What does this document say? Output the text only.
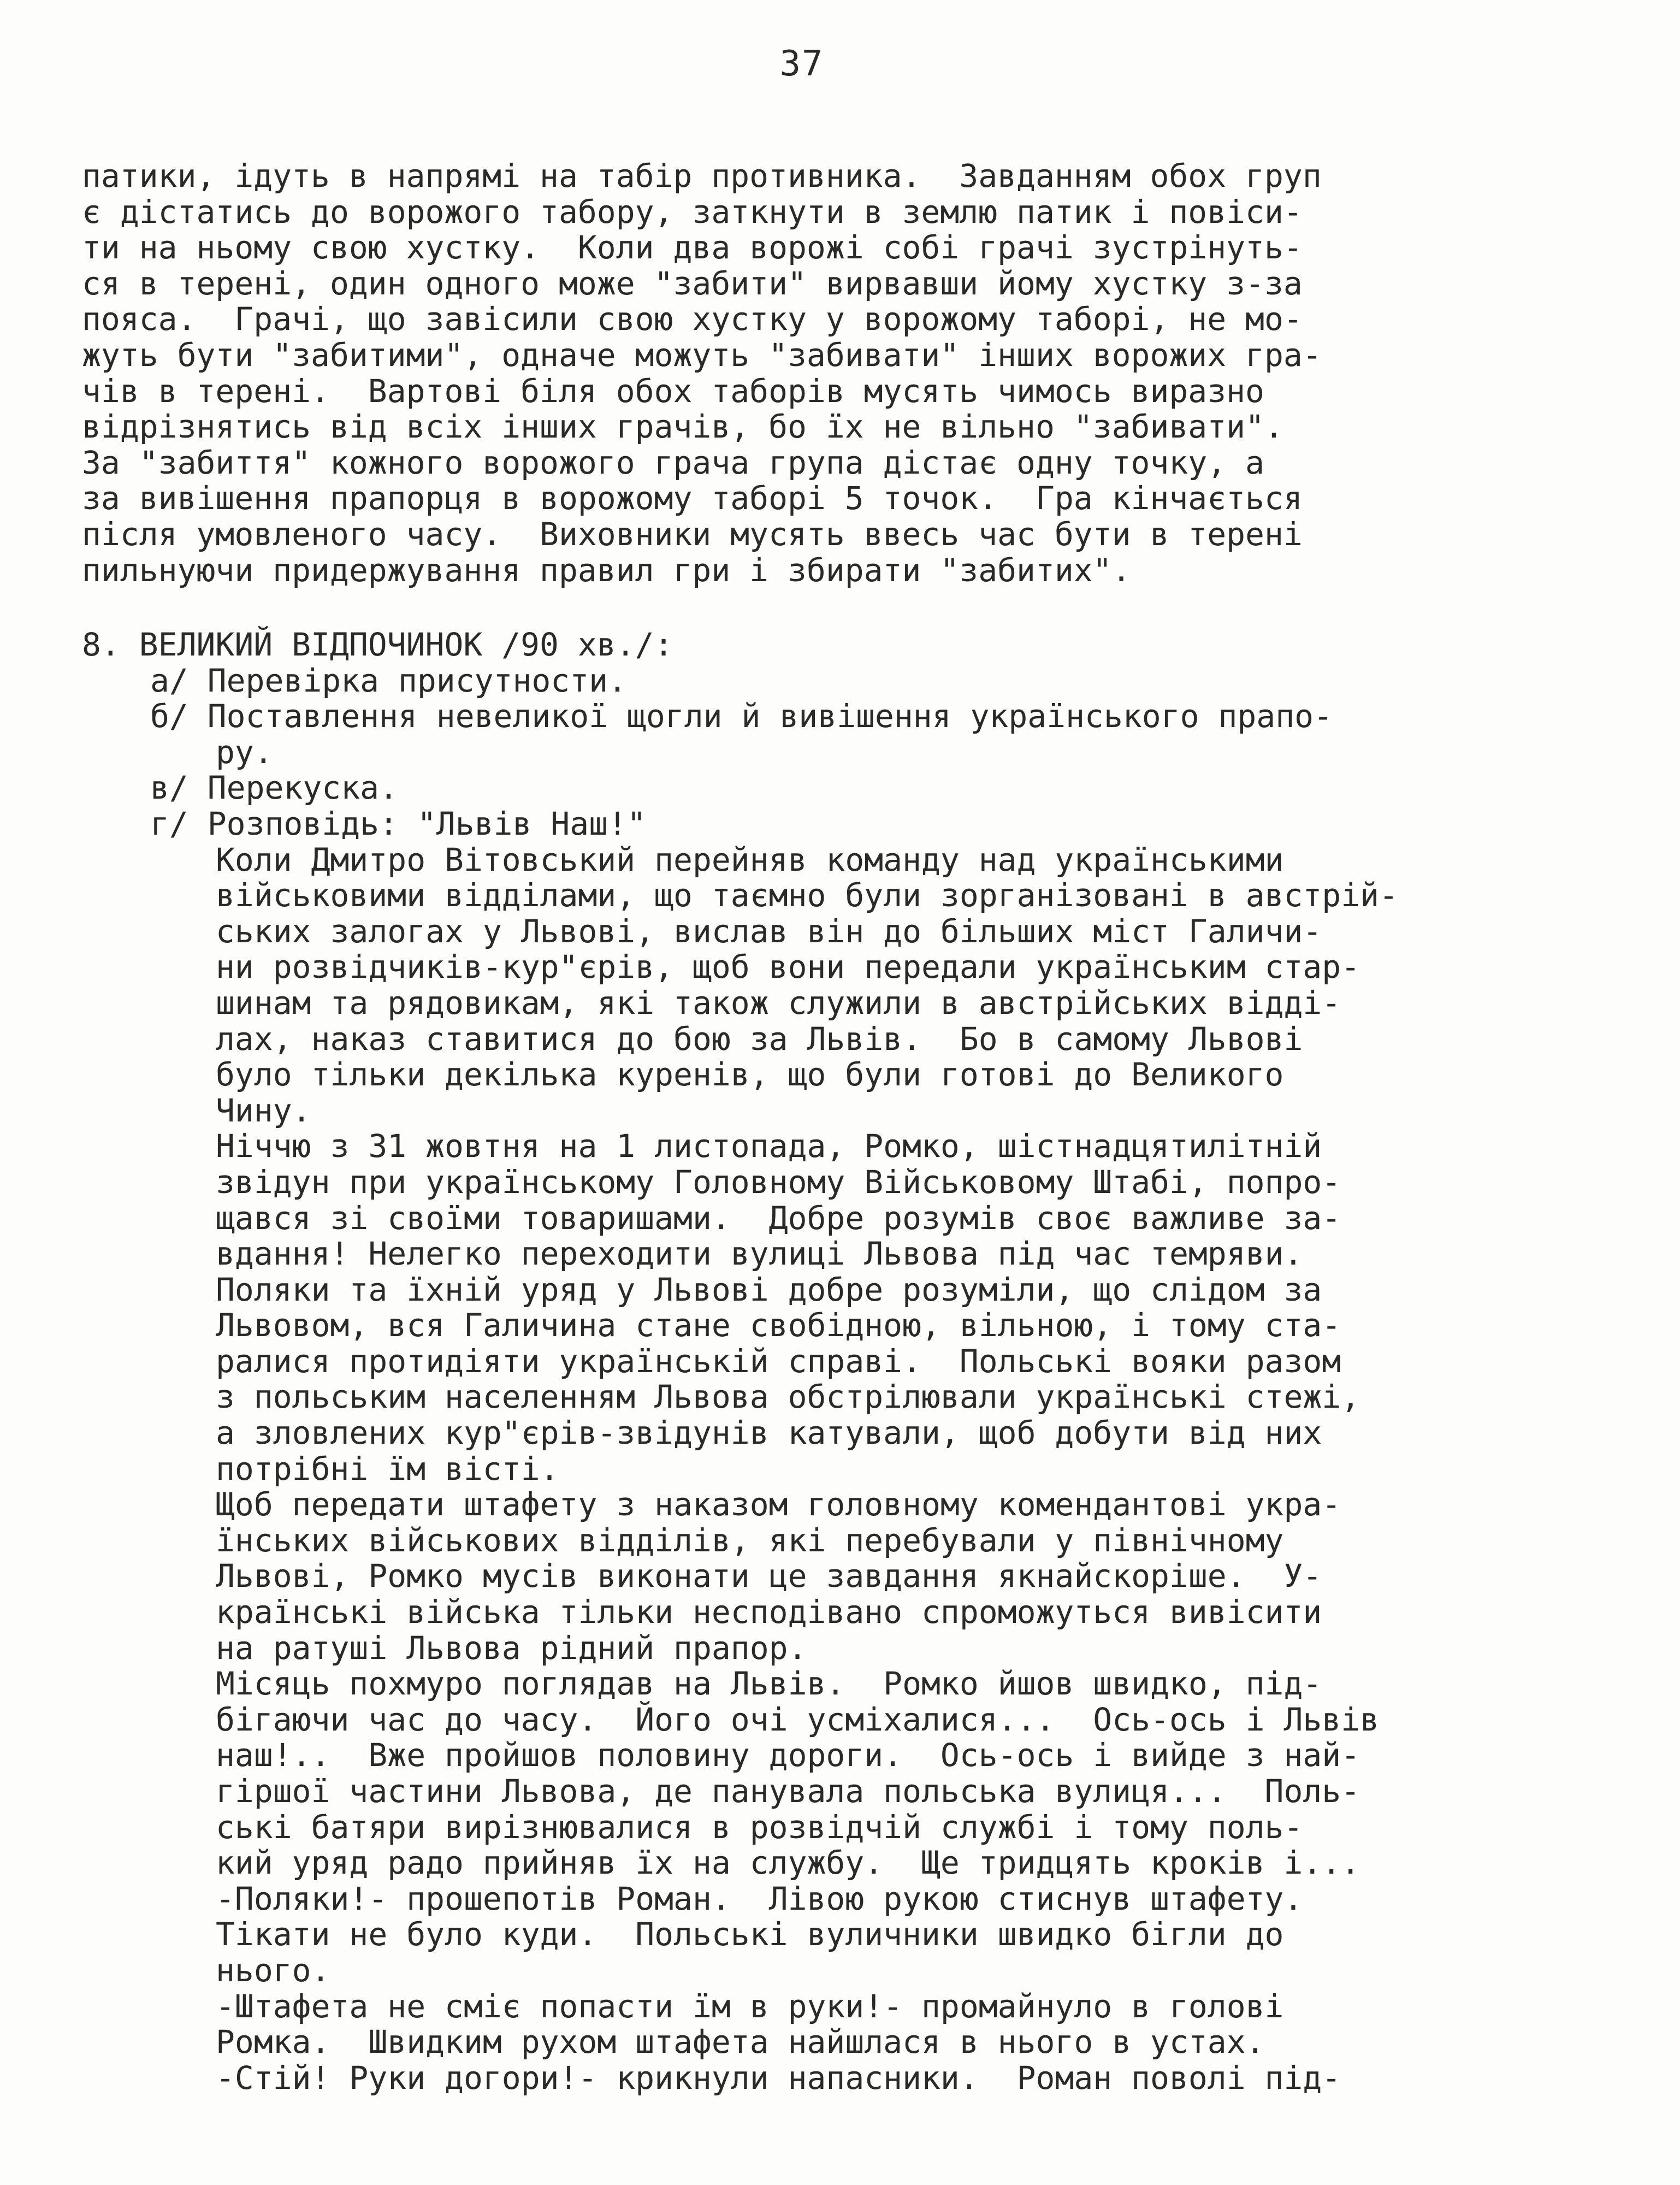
37
патики, ідуть в напрямі на табір противника.  Завданням обох груп
є дістатись до ворожого табору, заткнути в землю патик і повіси-
ти на ньому свою хустку.  Коли два ворожі собі грачі зустрінуть-
ся в терені, один одного може "забити" вирвавши йому хустку з-за
пояса.  Грачі, що завісили свою хустку у ворожому таборі, не мо-
жуть бути "забитими", одначе можуть "забивати" інших ворожих гра-
чів в терені.  Вартові біля обох таборів мусять чимось виразно
відрізнятись від всіх інших грачів, бо їх не вільно "забивати".
За "забиття" кожного ворожого грача група дістає одну точку, а
за вивішення прапорця в ворожому таборі 5 точок.  Гра кінчається
після умовленого часу.  Виховники мусять ввесь час бути в терені
пильнуючи придержування правил гри і збирати "забитих".
8. ВЕЛИКИЙ ВІДПОЧИНОК /90 хв./:
а/ Перевірка присутности.
б/ Поставлення невеликої щогли й вивішення українського прапо-
ру.
в/ Перекуска.
г/ Розповідь: "Львів Наш!"
Коли Дмитро Вітовський перейняв команду над українськими
військовими відділами, що таємно були зорганізовані в австрій-
ських залогах у Львові, вислав він до більших міст Галичи-
ни розвідчиків-кур"єрів, щоб вони передали українським стар-
шинам та рядовикам, які також служили в австрійських відді-
лах, наказ ставитися до бою за Львів.  Бо в самому Львові
було тільки декілька куренів, що були готові до Великого
Чину.
Ніччю з 31 жовтня на 1 листопада, Ромко, шістнадцятилітній
звідун при українському Головному Військовому Штабі, попро-
щався зі своїми товаришами.  Добре розумів своє важливе за-
вдання! Нелегко переходити вулиці Львова під час темряви.
Поляки та їхній уряд у Львові добре розуміли, що слідом за
Львовом, вся Галичина стане свобідною, вільною, і тому ста-
ралися протидіяти українській справі.  Польські вояки разом
з польським населенням Львова обстрілювали українські стежі,
а зловлених кур"єрів-звідунів катували, щоб добути від них
потрібні їм вісті.
Щоб передати штафету з наказом головному комендантові укра-
їнських військових відділів, які перебували у північному
Львові, Ромко мусів виконати це завдання якнайскоріше.  У-
країнські війська тільки несподівано спроможуться вивісити
на ратуші Львова рідний прапор.
Місяць похмуро поглядав на Львів.  Ромко йшов швидко, під-
бігаючи час до часу.  Його очі усміхалися...  Ось-ось і Львів
наш!..  Вже пройшов половину дороги.  Ось-ось і вийде з най-
гіршої частини Львова, де панувала польська вулиця...  Поль-
ські батяри вирізнювалися в розвідчій службі і тому поль-
кий уряд радо прийняв їх на службу.  Ще тридцять кроків і...
-Поляки!- прошепотів Роман.  Лівою рукою стиснув штафету.
Тікати не було куди.  Польські вуличники швидко бігли до
нього.
-Штафета не сміє попасти їм в руки!- промайнуло в голові
Ромка.  Швидким рухом штафета найшлася в нього в устах.
-Стій! Руки догори!- крикнули напасники.  Роман поволі під-
